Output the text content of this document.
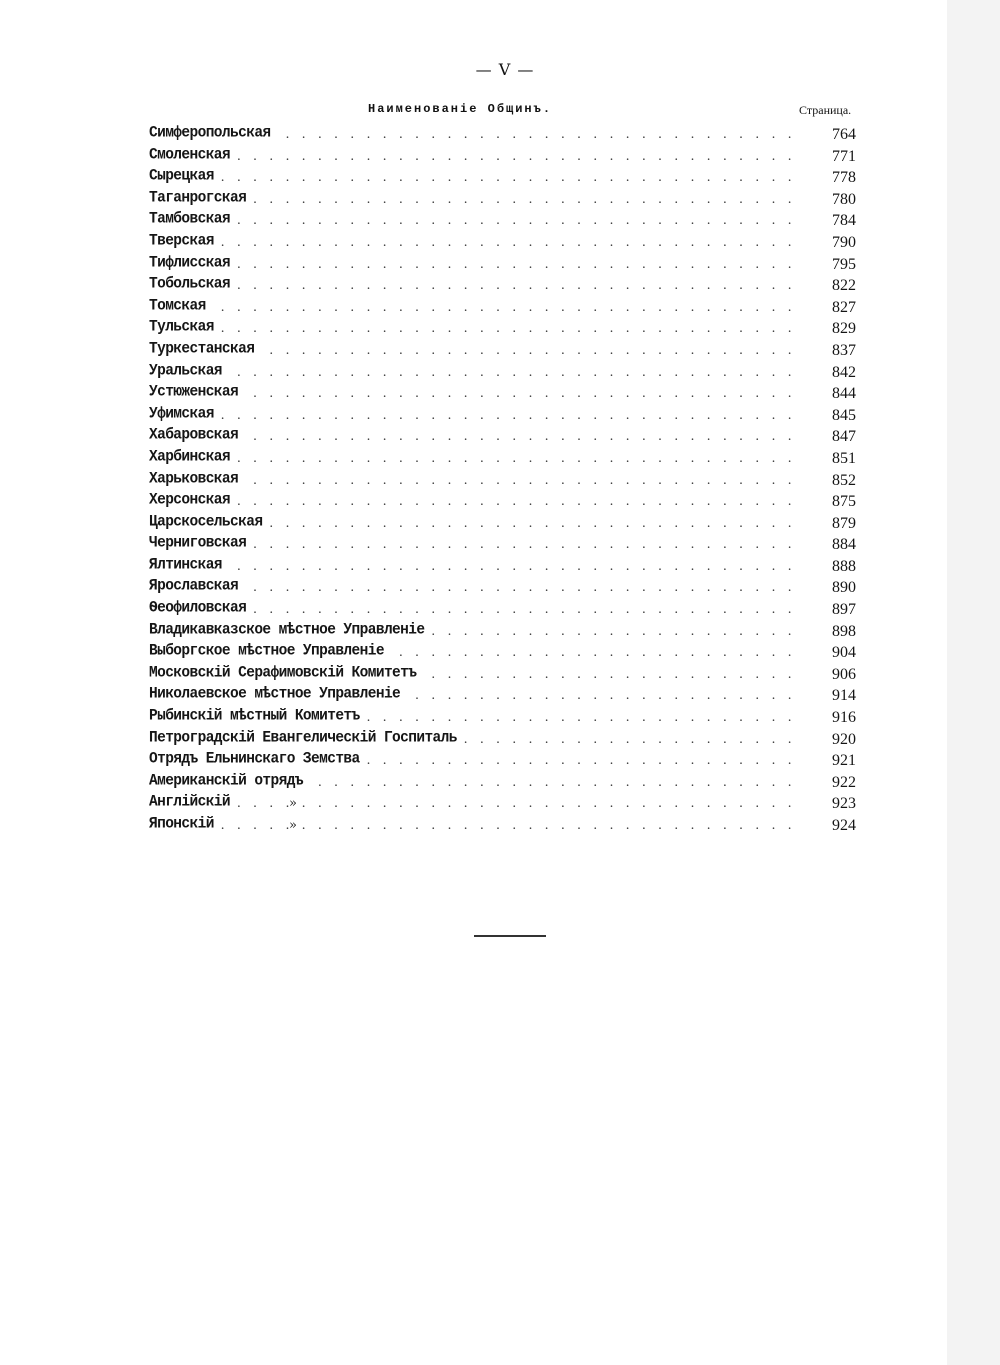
— V —
Наименованіе Общинъ.	Страница.
Симферопольская . . .	764
Смоленская . . .	771
Сырецкая . . .	778
Таганрогская . . .	780
Тамбовская . . .	784
Тверская . . .	790
Тифлисская . . .	795
Тобольская . . .	822
Томская . . .	827
Тульская . . .	829
Туркестанская . . .	837
Уральская . . .	842
Устюженская . . .	844
Уфимская . . .	845
Хабаровская . . .	847
Харбинская . . .	851
Харьковская . . .	852
Херсонская . . .	875
Царскосельская . . .	879
Черниговская . . .	884
Ялтинская . . .	888
Ярославская . . .	890
Ѳеофиловская . . .	897
Владикавказское мѣстное Управленіе . . .	898
Выборгское мѣстное Управленіе . . .	904
Московскій Серафимовскій Комитетъ . . .	906
Николаевское мѣстное Управленіе . . .	914
Рыбинскій мѣстный Комитетъ . . .	916
Петроградскій Евангелическій Госпиталь . . .	920
Отрядъ Ельнинскаго Земства . . .	921
Американскій отрядъ . . .	922
Англійскій . . .	»	923
Японскій . . .	»	924
